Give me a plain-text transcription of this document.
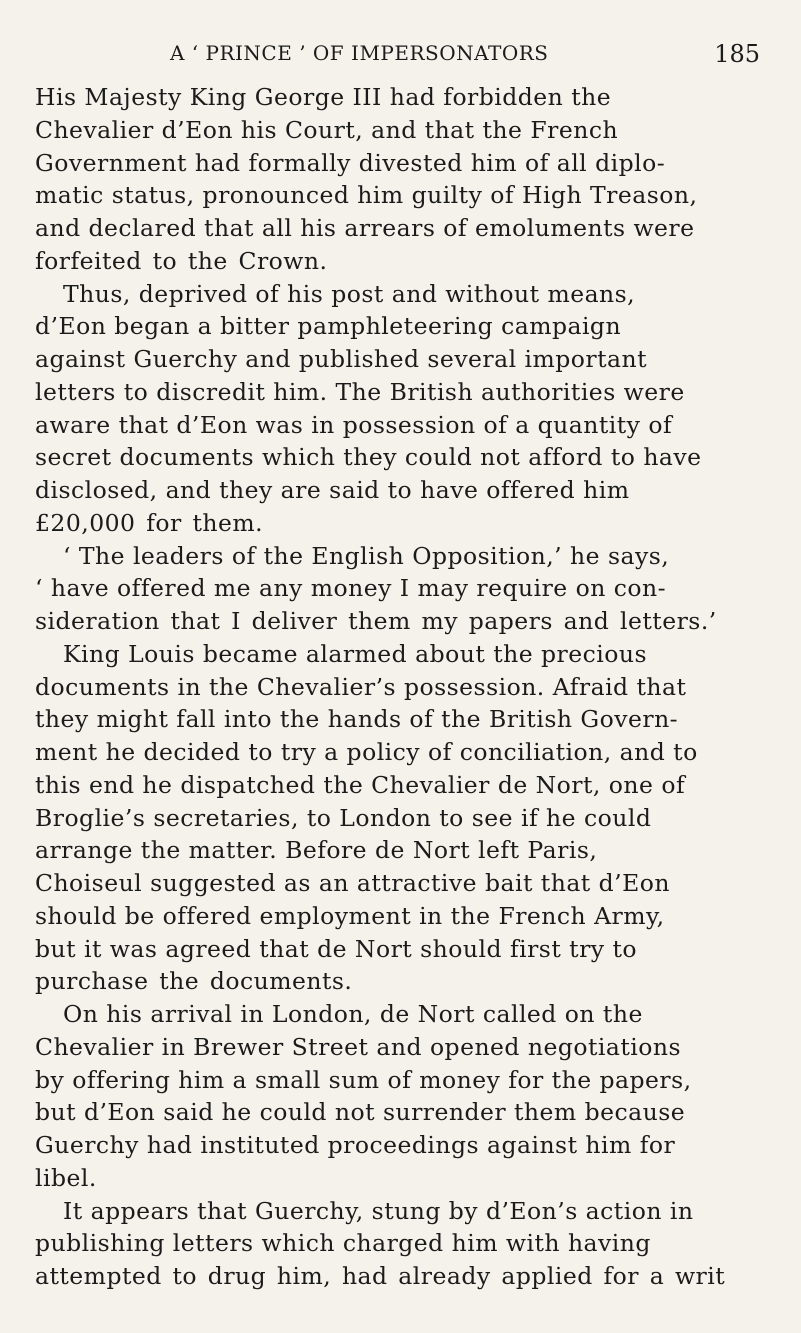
A ‘ PRINCE ’ OF IMPERSONATORS	185
His Majesty King George III had forbidden the
Chevalier d’Eon his Court, and that the French
Government had formally divested him of all diplo-
matic status, pronounced him guilty of High Treason,
and declared that all his arrears of emoluments were
forfeited to the Crown.
Thus, deprived of his post and without means,
d’Eon began a bitter pamphleteering campaign
against Guerchy and published several important
letters to discredit him. The British authorities were
aware that d’Eon was in possession of a quantity of
secret documents which they could not afford to have
disclosed, and they are said to have offered him
£20,000 for them.
‘ The leaders of the English Opposition,’ he says,
‘ have offered me any money I may require on con-
sideration that I deliver them my papers and letters.’
King Louis became alarmed about the precious
documents in the Chevalier’s possession. Afraid that
they might fall into the hands of the British Govern-
ment he decided to try a policy of conciliation, and to
this end he dispatched the Chevalier de Nort, one of
Broglie’s secretaries, to London to see if he could
arrange the matter. Before de Nort left Paris,
Choiseul suggested as an attractive bait that d’Eon
should be offered employment in the French Army,
but it was agreed that de Nort should first try to
purchase the documents.
On his arrival in London, de Nort called on the
Chevalier in Brewer Street and opened negotiations
by offering him a small sum of money for the papers,
but d’Eon said he could not surrender them because
Guerchy had instituted proceedings against him for
libel.
It appears that Guerchy, stung by d’Eon’s action in
publishing letters which charged him with having
attempted to drug him, had already applied for a writ
